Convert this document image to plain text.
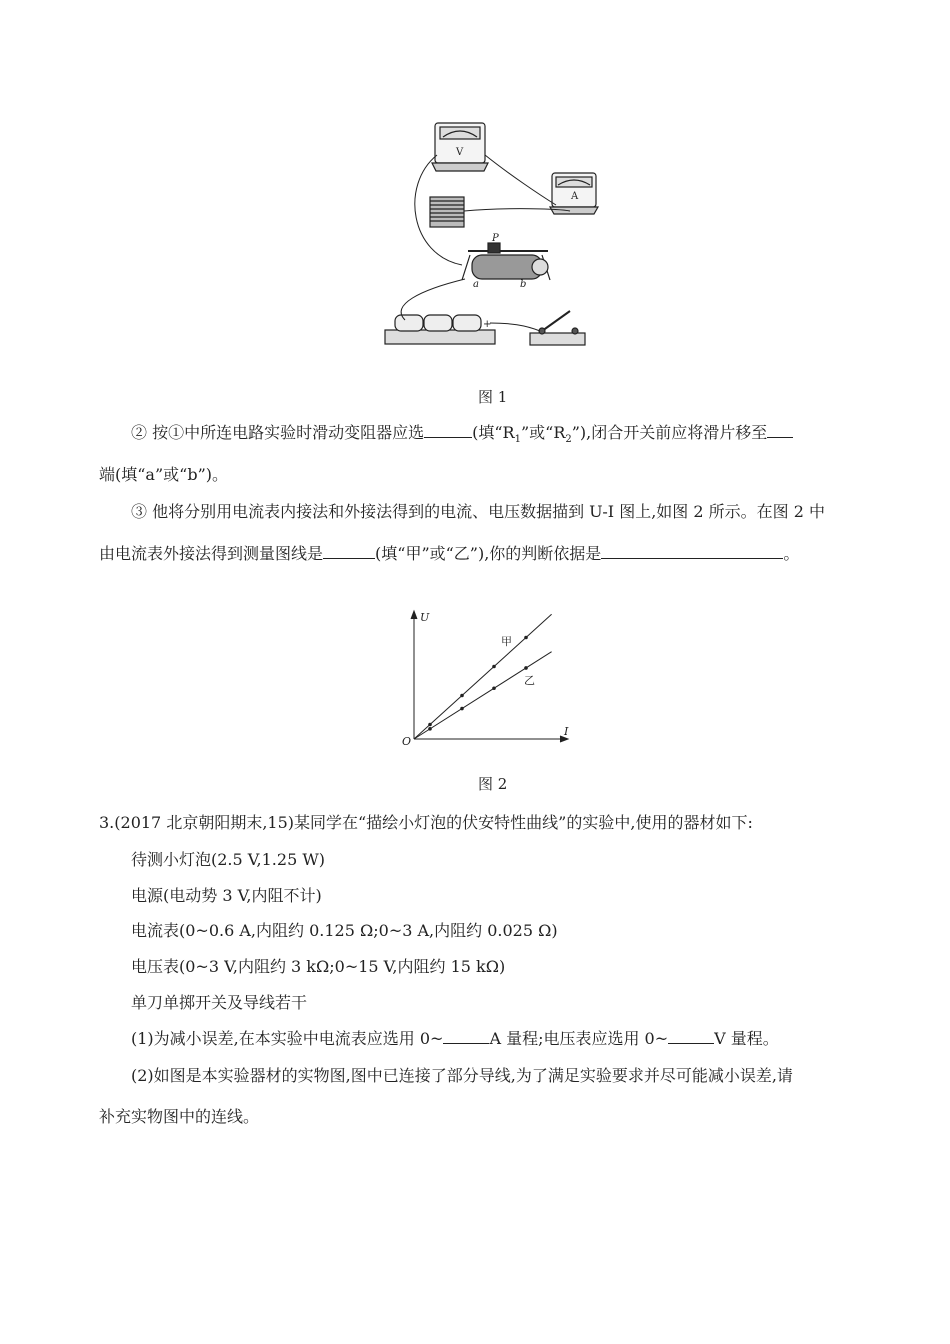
V
A
P
a	b
+
图 1
② 按①中所连电路实验时滑动变阻器应选	(填“$R_1$”或“$R_2$”),闭合开关前应将滑片移至
端(填“a”或“b”)。
③ 他将分别用电流表内接法和外接法得到的电流、电压数据描到 U-I 图上,如图 2 所示。在图 2 中
由电流表外接法得到测量图线是	(填“甲”或“乙”),你的判断依据是	。
U
I
O
甲
乙
图 2
3.(2017 北京朝阳期末,15)某同学在“描绘小灯泡的伏安特性曲线”的实验中,使用的器材如下:
待测小灯泡(2.5 V,1.25 W)
电源(电动势 3 V,内阻不计)
电流表(0~0.6 A,内阻约 0.125 Ω;0~3 A,内阻约 0.025 Ω)
电压表(0~3 V,内阻约 3 kΩ;0~15 V,内阻约 15 kΩ)
单刀单掷开关及导线若干
(1)为减小误差,在本实验中电流表应选用 0~	A 量程;电压表应选用 0~	V 量程。
(2)如图是本实验器材的实物图,图中已连接了部分导线,为了满足实验要求并尽可能减小误差,请
补充实物图中的连线。
